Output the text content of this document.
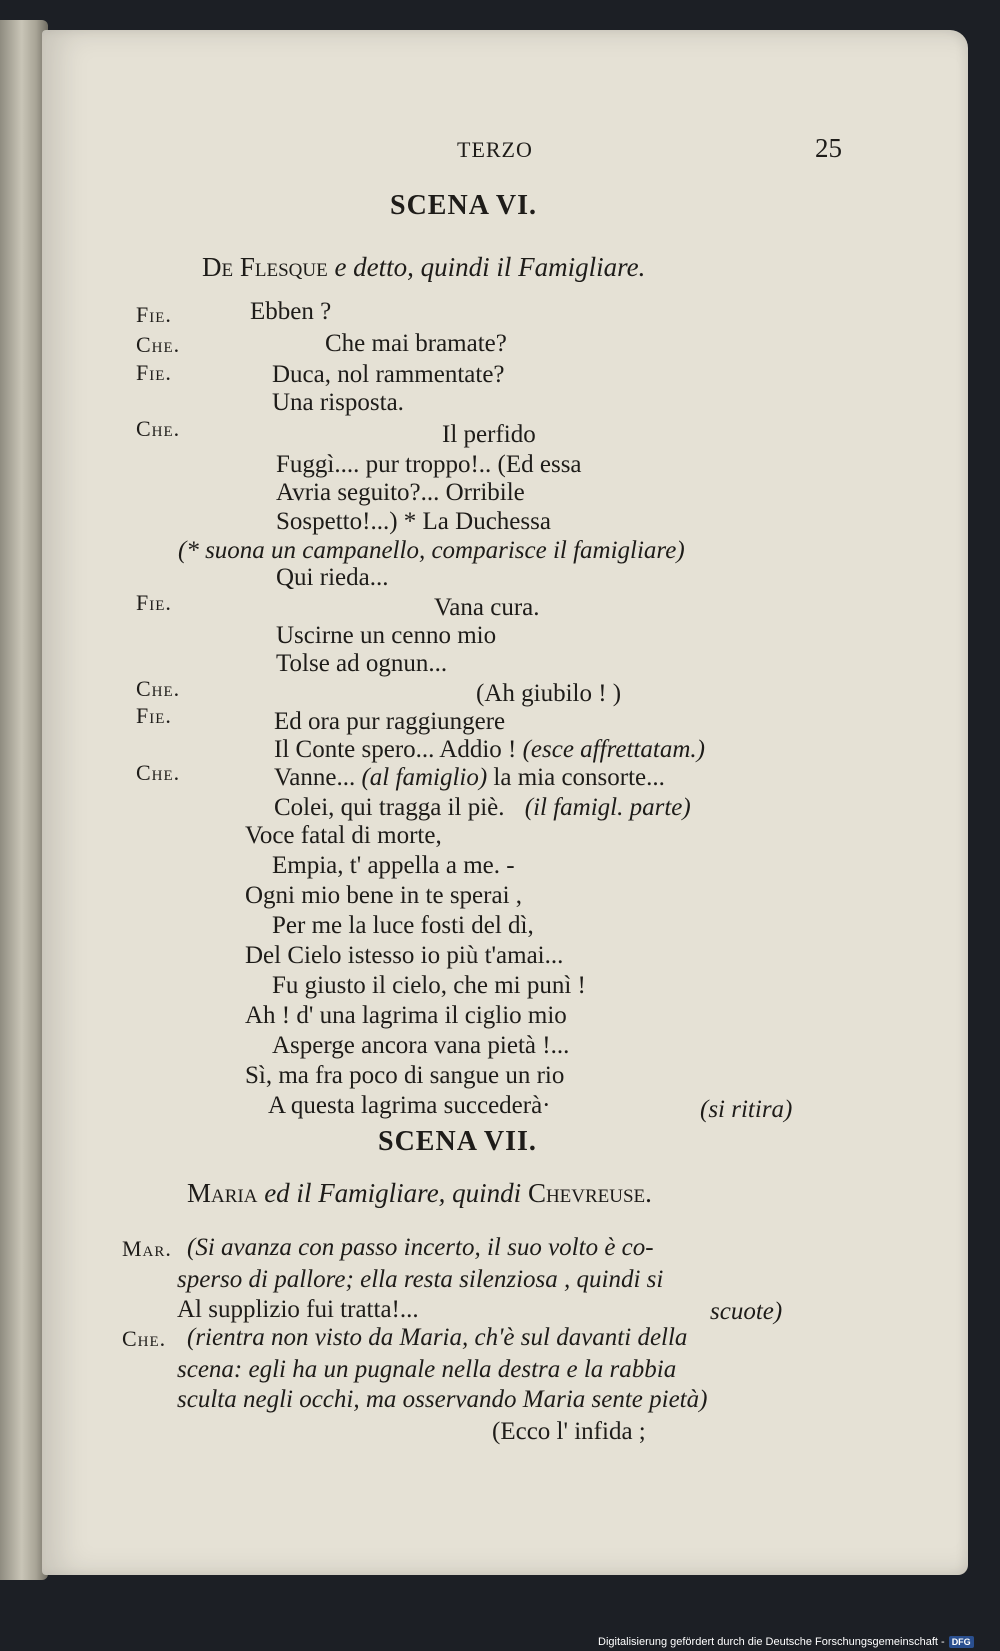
TERZO	25
SCENA VI.
De Flesque e detto, quindi il Famigliare.
Fie.	Ebben ?
Che.	Che mai bramate?
Fie.	Duca, nol rammentate?
Una risposta.
Che.	Il perfido
Fuggì.... pur troppo!.. (Ed essa
Avria seguito?... Orribile
Sospetto!...) * La Duchessa
(* suona un campanello, comparisce il famigliare)
Qui rieda...
Fie.	Vana cura.
Uscirne un cenno mio
Tolse ad ognun...
Che.	(Ah giubilo ! )
Fie.	Ed ora pur raggiungere
Il Conte spero... Addio ! (esce affrettatam.)
Che.	Vanne... (al famiglio) la mia consorte...
Colei, qui tragga il piè. (il famigl. parte)
Voce fatal di morte,
Empia, t' appella a me. -
Ogni mio bene in te sperai ,
Per me la luce fosti del dì,
Del Cielo istesso io più t'amai...
Fu giusto il cielo, che mi punì !
Ah ! d' una lagrima il ciglio mio
Asperge ancora vana pietà !...
Sì, ma fra poco di sangue un rio
A questa lagrima succederà·	(si ritira)
SCENA VII.
Maria ed il Famigliare, quindi Chevreuse.
Mar. (Si avanza con passo incerto, il suo volto è co-
sperso di pallore; ella resta silenziosa , quindi si
Al supplizio fui tratta!...	scuote)
Che. (rientra non visto da Maria, ch'è sul davanti della
scena: egli ha un pugnale nella destra e la rabbia
sculta negli occhi, ma osservando Maria sente pietà)
(Ecco l' infida ;
Digitalisierung gefördert durch die Deutsche Forschungsgemeinschaft - DFG
